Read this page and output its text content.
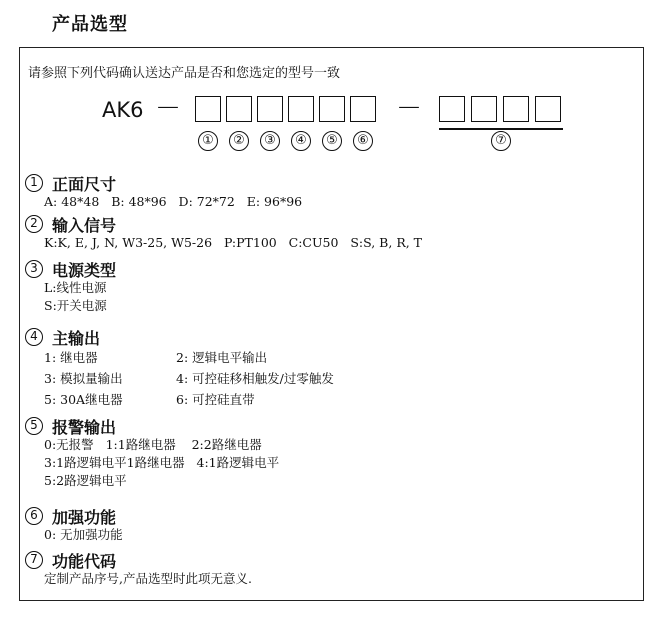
产品选型
请参照下列代码确认送达产品是否和您选定的型号一致
AK6 －	－
①	②	③	④	⑤	⑥	⑦
1 正面尺寸
A: 48*48   B: 48*96   D: 72*72   E: 96*96
2 输入信号
K:K, E, J, N, W3-25, W5-26   P:PT100   C:CU50   S:S, B, R, T
3 电源类型
L:线性电源
S:开关电源
4 主输出
1: 继电器	2: 逻辑电平输出
3: 模拟量输出	4: 可控硅移相触发/过零触发
5: 30A继电器	6: 可控硅直带
5 报警输出
0:无报警   1:1路继电器    2:2路继电器
3:1路逻辑电平1路继电器   4:1路逻辑电平
5:2路逻辑电平
6 加强功能
0: 无加强功能
7 功能代码
定制产品序号,产品选型时此项无意义.
